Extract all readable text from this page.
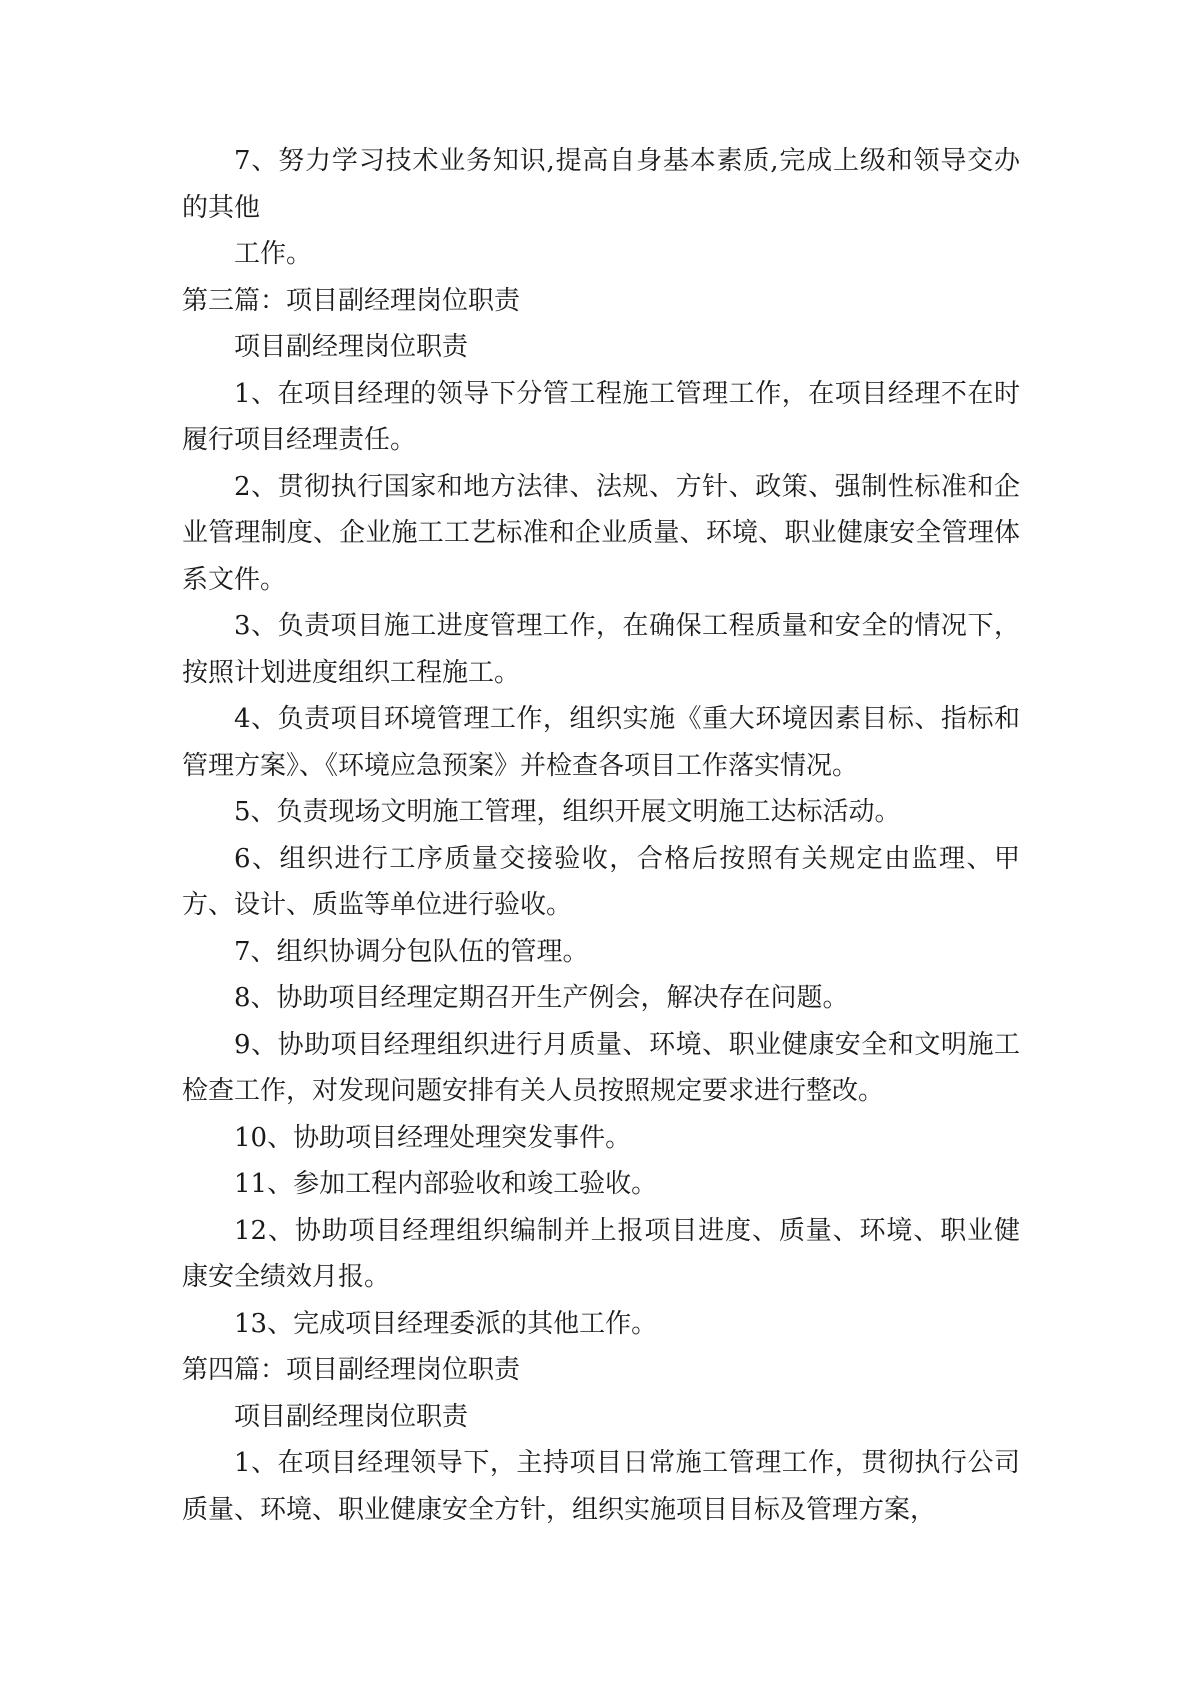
7、努力学习技术业务知识,提高自身基本素质,完成上级和领导交办的其他
工作。
第三篇：项目副经理岗位职责
项目副经理岗位职责
1、在项目经理的领导下分管工程施工管理工作，在项目经理不在时履行项目经理责任。
2、贯彻执行国家和地方法律、法规、方针、政策、强制性标准和企业管理制度、企业施工工艺标准和企业质量、环境、职业健康安全管理体系文件。
3、负责项目施工进度管理工作，在确保工程质量和安全的情况下，按照计划进度组织工程施工。
4、负责项目环境管理工作，组织实施《重大环境因素目标、指标和管理方案》、《环境应急预案》并检查各项目工作落实情况。
5、负责现场文明施工管理，组织开展文明施工达标活动。
6、组织进行工序质量交接验收，合格后按照有关规定由监理、甲方、设计、质监等单位进行验收。
7、组织协调分包队伍的管理。
8、协助项目经理定期召开生产例会，解决存在问题。
9、协助项目经理组织进行月质量、环境、职业健康安全和文明施工检查工作，对发现问题安排有关人员按照规定要求进行整改。
10、协助项目经理处理突发事件。
11、参加工程内部验收和竣工验收。
12、协助项目经理组织编制并上报项目进度、质量、环境、职业健康安全绩效月报。
13、完成项目经理委派的其他工作。
第四篇：项目副经理岗位职责
项目副经理岗位职责
1、在项目经理领导下，主持项目日常施工管理工作，贯彻执行公司质量、环境、职业健康安全方针，组织实施项目目标及管理方案，
